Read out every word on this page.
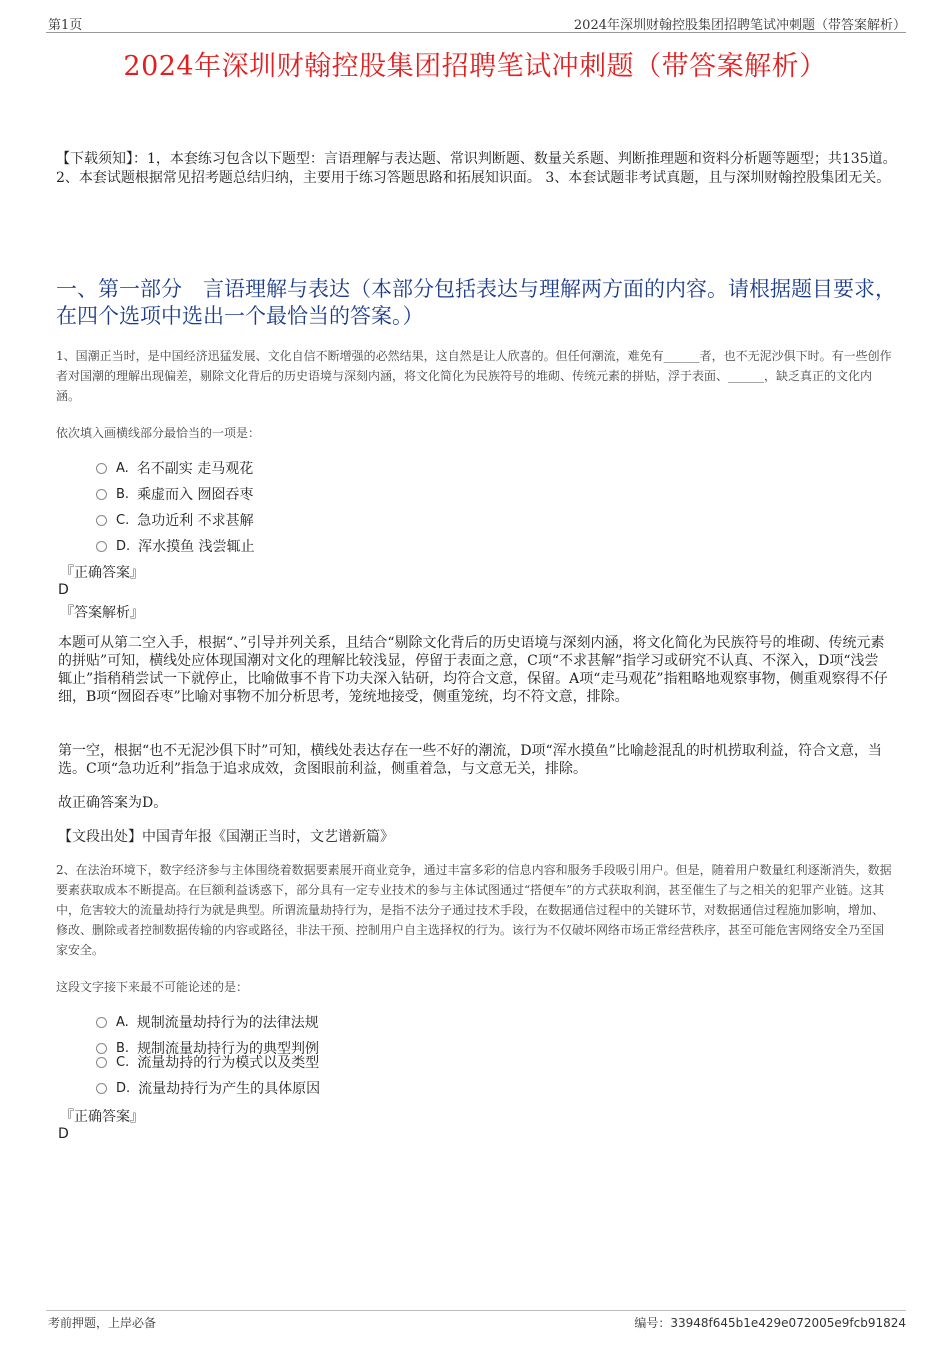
第1页	2024年深圳财翰控股集团招聘笔试冲刺题（带答案解析）
2024年深圳财翰控股集团招聘笔试冲刺题（带答案解析）
【下载须知】：1，本套练习包含以下题型：言语理解与表达题、常识判断题、数量关系题、判断推理题和资料分析题等题型；共135道。 2、本套试题根据常见招考题总结归纳，主要用于练习答题思路和拓展知识面。 3、本套试题非考试真题，且与深圳财翰控股集团无关。
一、第一部分　言语理解与表达（本部分包括表达与理解两方面的内容。请根据题目要求，在四个选项中选出一个最恰当的答案。）
1、国潮正当时，是中国经济迅猛发展、文化自信不断增强的必然结果，这自然是让人欣喜的。但任何潮流，难免有______者，也不无泥沙俱下时。有一些创作者对国潮的理解出现偏差，剔除文化背后的历史语境与深刻内涵，将文化简化为民族符号的堆砌、传统元素的拼贴，浮于表面、______，缺乏真正的文化内涵。
依次填入画横线部分最恰当的一项是：
A. 名不副实 走马观花
B. 乘虚而入 囫囵吞枣
C. 急功近利 不求甚解
D. 浑水摸鱼 浅尝辄止
『正确答案』
D
『答案解析』
本题可从第二空入手，根据“、”引导并列关系，且结合“剔除文化背后的历史语境与深刻内涵，将文化简化为民族符号的堆砌、传统元素的拼贴”可知，横线处应体现国潮对文化的理解比较浅显，停留于表面之意，C项“不求甚解”指学习或研究不认真、不深入，D项“浅尝辄止”指稍稍尝试一下就停止，比喻做事不肯下功夫深入钻研，均符合文意，保留。A项“走马观花”指粗略地观察事物，侧重观察得不仔细，B项“囫囵吞枣”比喻对事物不加分析思考，笼统地接受，侧重笼统，均不符文意，排除。
第一空，根据“也不无泥沙俱下时”可知，横线处表达存在一些不好的潮流，D项“浑水摸鱼”比喻趁混乱的时机捞取利益，符合文意，当选。C项“急功近利”指急于追求成效，贪图眼前利益，侧重着急，与文意无关，排除。
故正确答案为D。
【文段出处】中国青年报《国潮正当时，文艺谱新篇》
2、在法治环境下，数字经济参与主体围绕着数据要素展开商业竞争，通过丰富多彩的信息内容和服务手段吸引用户。但是，随着用户数量红利逐渐消失，数据要素获取成本不断提高。在巨额利益诱惑下，部分具有一定专业技术的参与主体试图通过“搭便车”的方式获取利润，甚至催生了与之相关的犯罪产业链。这其中，危害较大的流量劫持行为就是典型。所谓流量劫持行为，是指不法分子通过技术手段，在数据通信过程中的关键环节，对数据通信过程施加影响，增加、修改、删除或者控制数据传输的内容或路径，非法干预、控制用户自主选择权的行为。该行为不仅破坏网络市场正常经营秩序，甚至可能危害网络安全乃至国家安全。
这段文字接下来最不可能论述的是：
A. 规制流量劫持行为的法律法规
B. 规制流量劫持行为的典型判例
C. 流量劫持的行为模式以及类型
D. 流量劫持行为产生的具体原因
『正确答案』
D
考前押题，上岸必备	编号：33948f645b1e429e072005e9fcb91824
